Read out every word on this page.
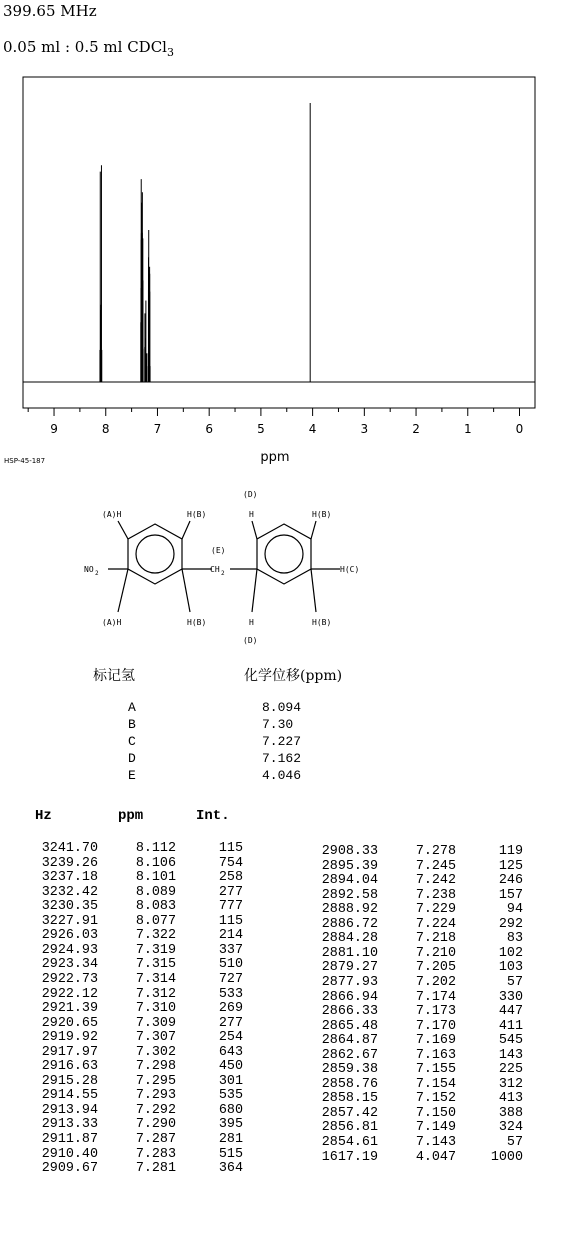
399.65 MHz
0.05 ml : 0.5 ml CDCl$_3$
9	8	7	6	5	4	3	2	1	0
HSP-45-187	ppm
(D)
(A)H	H(B)	H	H(B)
(E)
NO 2	CH 2	H(C)
(A)H	H(B)	H	H(B)
(D)
标记氢	化学位移(ppm)
A	8.094
B	7.30
C	7.227
D	7.162
E	4.046
Hz	ppm	Int.
3241.70	8.112	115
3239.26	8.106	754
3237.18	8.101	258
3232.42	8.089	277
3230.35	8.083	777
3227.91	8.077	115
2926.03	7.322	214
2924.93	7.319	337
2923.34	7.315	510
2922.73	7.314	727
2922.12	7.312	533
2921.39	7.310	269
2920.65	7.309	277
2919.92	7.307	254
2917.97	7.302	643
2916.63	7.298	450
2915.28	7.295	301
2914.55	7.293	535
2913.94	7.292	680
2913.33	7.290	395
2911.87	7.287	281
2910.40	7.283	515
2909.67	7.281	364
2908.33	7.278	119
2895.39	7.245	125
2894.04	7.242	246
2892.58	7.238	157
2888.92	7.229	94
2886.72	7.224	292
2884.28	7.218	83
2881.10	7.210	102
2879.27	7.205	103
2877.93	7.202	57
2866.94	7.174	330
2866.33	7.173	447
2865.48	7.170	411
2864.87	7.169	545
2862.67	7.163	143
2859.38	7.155	225
2858.76	7.154	312
2858.15	7.152	413
2857.42	7.150	388
2856.81	7.149	324
2854.61	7.143	57
1617.19	4.047	1000
